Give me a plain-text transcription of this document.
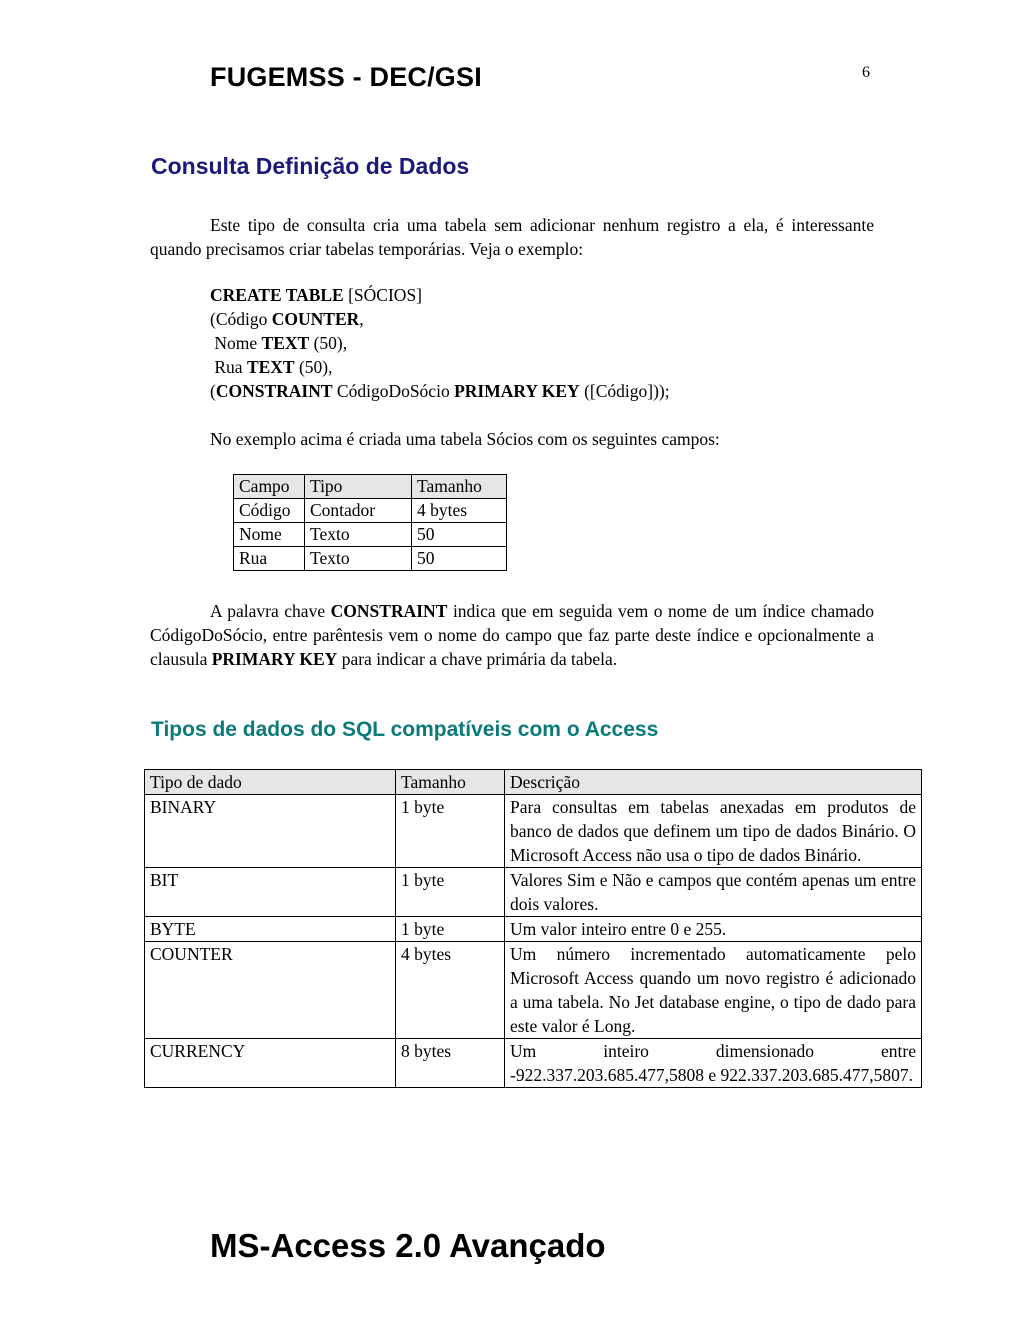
FUGEMSS - DEC/GSI	6
Consulta Definição de Dados
Este tipo de consulta cria uma tabela sem adicionar nenhum registro a ela, é interessante quando precisamos criar tabelas temporárias. Veja o exemplo:
CREATE TABLE [SÓCIOS]
(Código COUNTER,
Nome TEXT (50),
Rua TEXT (50),
(CONSTRAINT CódigoDoSócio PRIMARY KEY ([Código]));
No exemplo acima é criada uma tabela Sócios com os seguintes campos:
Campo	Tipo	Tamanho
Código	Contador	4 bytes
Nome	Texto	50
Rua	Texto	50
A palavra chave CONSTRAINT indica que em seguida vem o nome de um índice chamado CódigoDoSócio, entre parêntesis vem o nome do campo que faz parte deste índice e opcionalmente a clausula PRIMARY KEY para indicar a chave primária da tabela.
Tipos de dados do SQL compatíveis com o Access
Tipo de dado	Tamanho	Descrição
BINARY	1 byte	Para consultas em tabelas anexadas em produtos de banco de dados que definem um tipo de dados Binário. O Microsoft Access não usa o tipo de dados Binário.
BIT	1 byte	Valores Sim e Não e campos que contém apenas um entre dois valores.
BYTE	1 byte	Um valor inteiro entre 0 e 255.
COUNTER	4 bytes	Um número incrementado automaticamente pelo Microsoft Access quando um novo registro é adicionado a uma tabela. No Jet database engine, o tipo de dado para este valor é Long.
CURRENCY	8 bytes	Um inteiro dimensionado entre -922.337.203.685.477,5808 e 922.337.203.685.477,5807.
MS-Access 2.0 Avançado
